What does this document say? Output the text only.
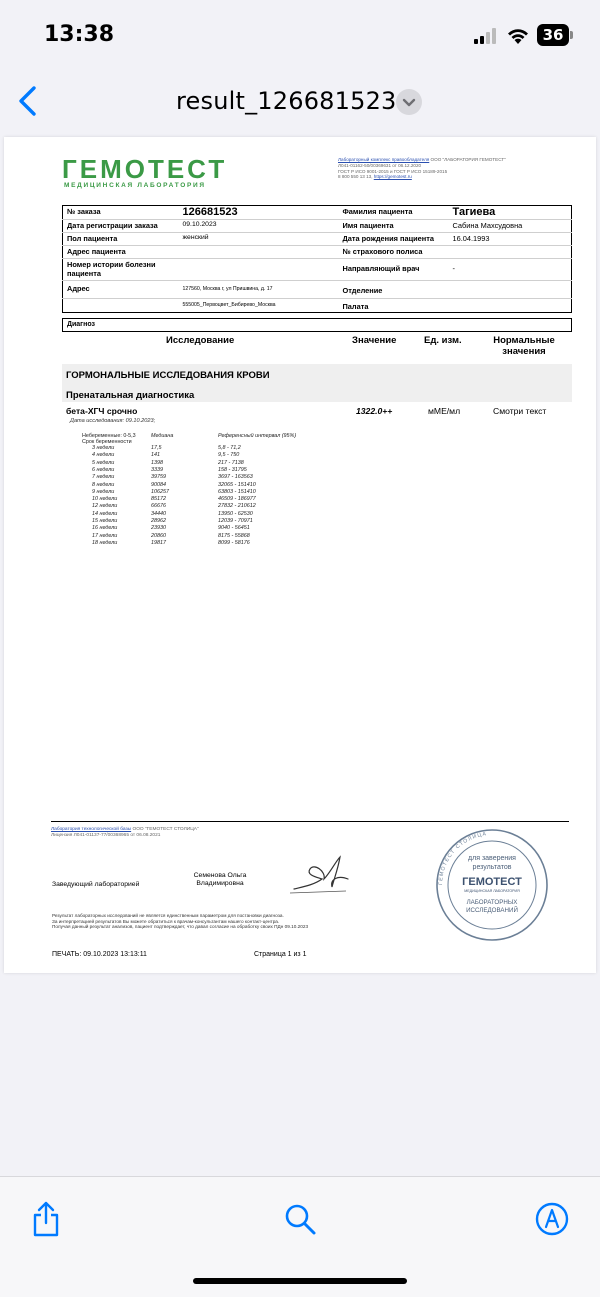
13:38	36
result_126681523
ГЕМОТЕСТ
МЕДИЦИНСКАЯ ЛАБОРАТОРИЯ
Лабораторный комплекс правообладателя ООО "ЛАБОРАТОРИЯ ГЕМОТЕСТ"
Л041-01162-50/00369631 от 06.12.2020
ГОСТ Р ИСО 9001-2015 и ГОСТ Р ИСО 15189-2015
8 800 550 13 13, https://gemotest.ru
№ заказа	126681523	Фамилия пациента	Тагиева
Дата регистрации заказа	09.10.2023	Имя пациента	Сабина Махсудовна
Пол пациента	женский	Дата рождения пациента	16.04.1993
Адрес пациента		№ страхового полиса	
Номер истории болезни пациента		Направляющий врач	-
Адрес	127560, Москва г, ул Пришвина, д. 17	Отделение	
	555005_Первоцвет_Бибирево_Москва	Палата	
Диагноз
Исследование	Значение	Ед. изм.	Нормальные значения
ГОРМОНАЛЬНЫЕ ИССЛЕДОВАНИЯ КРОВИ
Пренатальная диагностика
бета-ХГЧ срочно	1322.0++	мМЕ/мл	Смотри текст
Дата исследования: 09.10.2023;
Небеременные: 0-5,3
Срок беременности
Медиана	Референсный интервал (95%)
3 недели	17,5	5,8 - 71,2
4 недели	141	9,5 - 750
5 недели	1398	217 - 7138
6 недели	3339	158 - 31795
7 недели	39759	3697 - 163563
8 недели	90084	32065 - 151410
9 недели	106257	63803 - 151410
10 недели	85172	46509 - 186977
12 недели	66676	27832 - 210612
14 недели	34440	13950 - 62530
15 недели	28962	12039 - 70971
16 недели	23930	9040 - 56451
17 недели	20860	8175 - 55868
18 недели	19817	8099 - 58176
Лаборатория технологической базы ООО "ГЕМОТЕСТ СТОЛИЦА"
Лицензия Л041-01137-77/00368965 от 06.08.2021
Заведующий лабораторией
Семенова Ольга Владимировна	ГЕМОТЕСТ СТОЛИЦА
для заверения
результатов
ГЕМОТЕСТ
МЕДИЦИНСКАЯ ЛАБОРАТОРИЯ
ЛАБОРАТОРНЫХ
ИССЛЕДОВАНИЙ
Результат лабораторных исследований не является единственным параметром для постановки диагноза.
За интерпретацией результатов Вы можете обратиться к врачам-консультантам нашего контакт-центра.
Получая данный результат анализов, пациент подтверждает, что давал согласие на обработку своих ПДн 09.10.2023
ПЕЧАТЬ: 09.10.2023 13:13:11	Страница 1 из 1
